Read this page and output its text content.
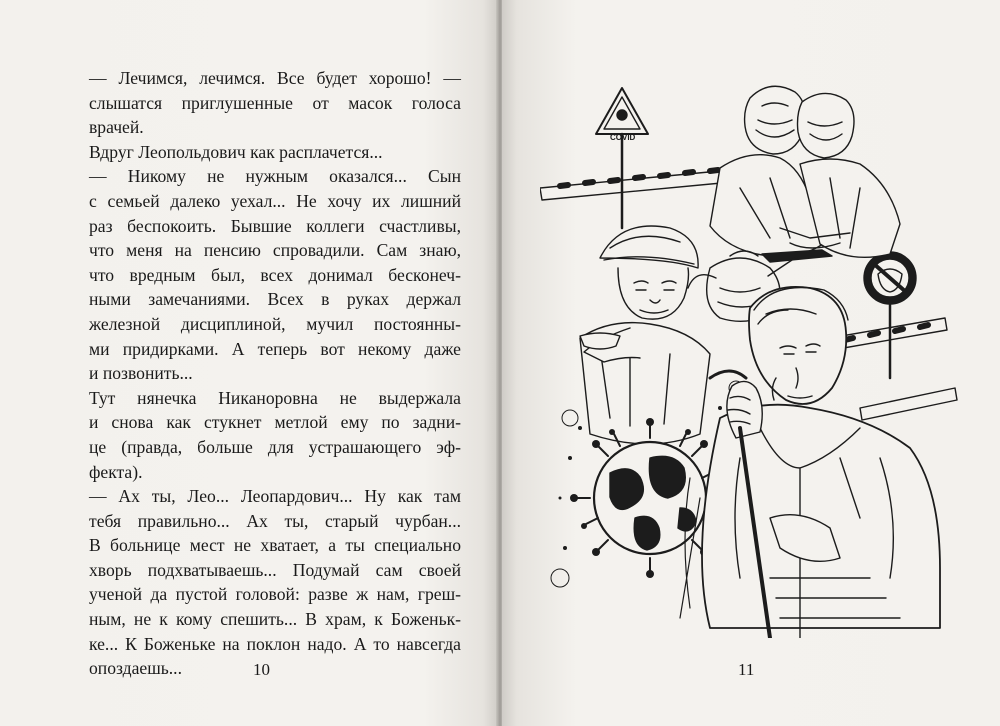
— Лечимся, лечимся. Все будет хорошо! —
слышатся приглушенные от масок голоса
врачей.

Вдруг Леопольдович как расплачется...

— Никому не нужным оказался... Сын
с семьей далеко уехал... Не хочу их лишний
раз беспокоить. Бывшие коллеги счастливы,
что меня на пенсию спровадили. Сам знаю,
что вредным был, всех донимал бесконеч-
ными замечаниями. Всех в руках держал
железной дисциплиной, мучил постоянны-
ми придирками. А теперь вот некому даже
и позвонить...

Тут нянечка Никаноровна не выдержала
и снова как стукнет метлой ему по задни-
це (правда, больше для устрашающего эф-
фекта).

— Ах ты, Лео... Леопардович... Ну как там
тебя правильно... Ах ты, старый чурбан...
В больнице мест не хватает, а ты специально
хворь подхватываешь... Подумай сам своей
ученой да пустой головой: разве ж нам, греш-
ным, не к кому спешить... В храм, к Боженьк-
ке... К Боженьке на поклон надо. А то навсегда
опоздаешь...	10	11
COVID
